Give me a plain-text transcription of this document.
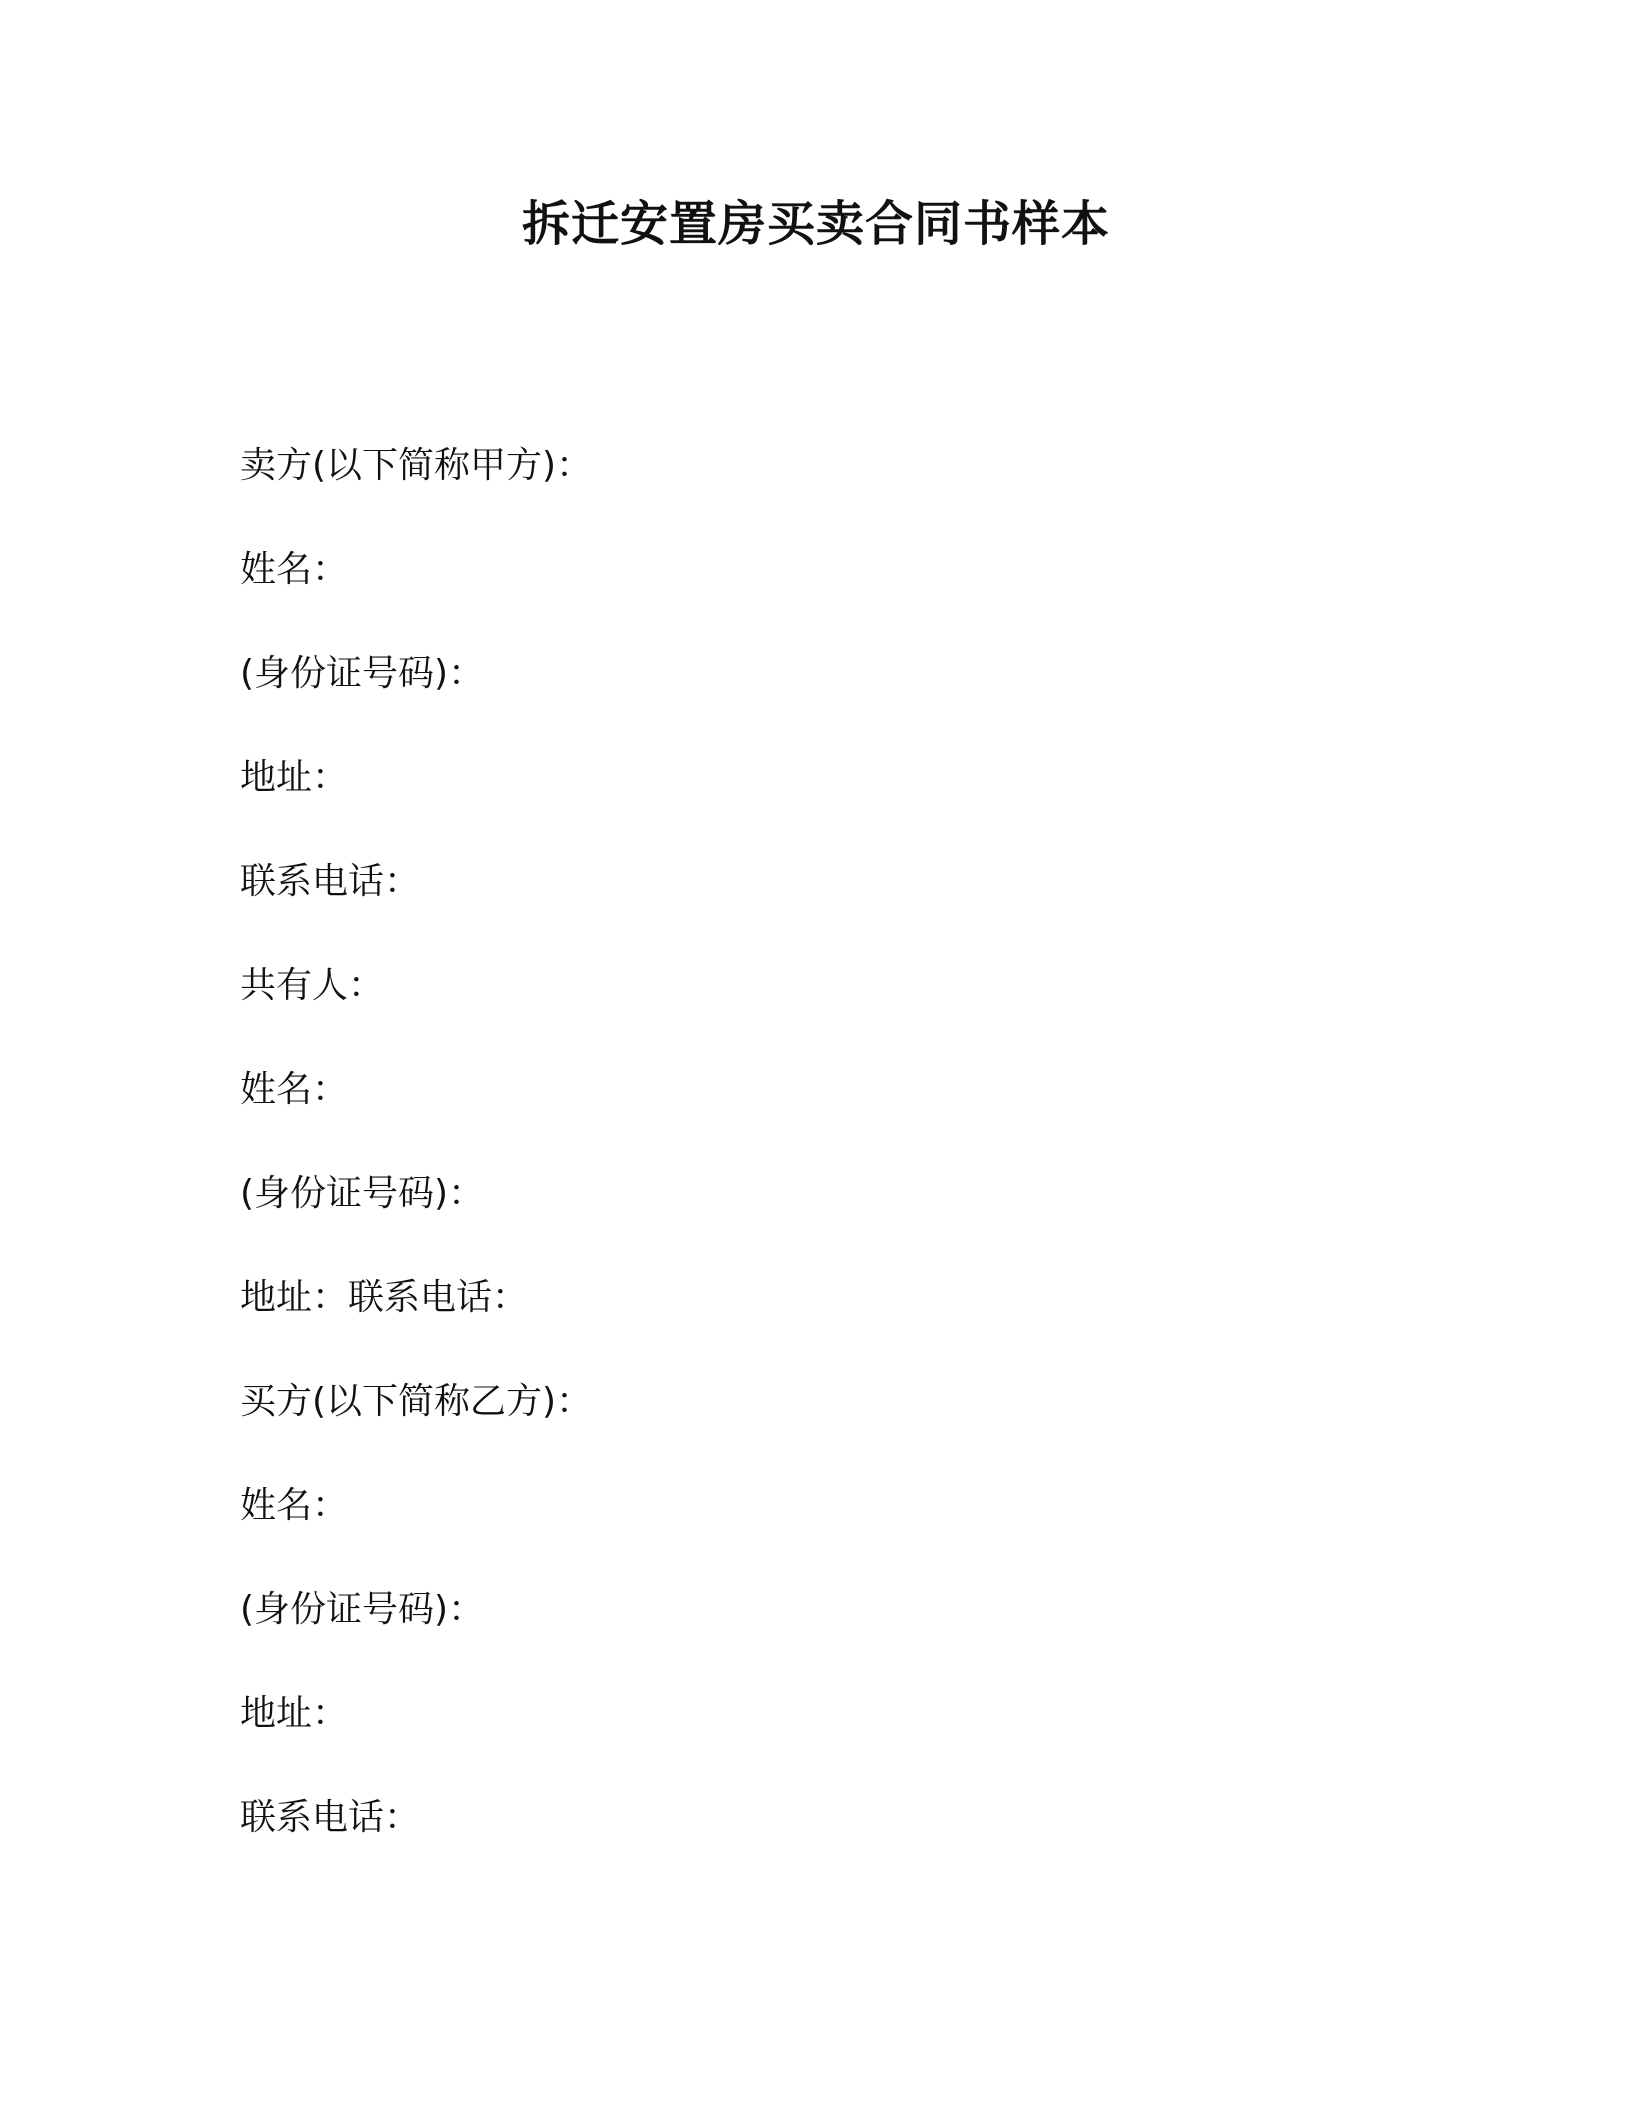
拆迁安置房买卖合同书样本
卖方(以下简称甲方)：
姓名：
(身份证号码)：
地址：
联系电话：
共有人：
姓名：
(身份证号码)：
地址：联系电话：
买方(以下简称乙方)：
姓名：
(身份证号码)：
地址：
联系电话：
